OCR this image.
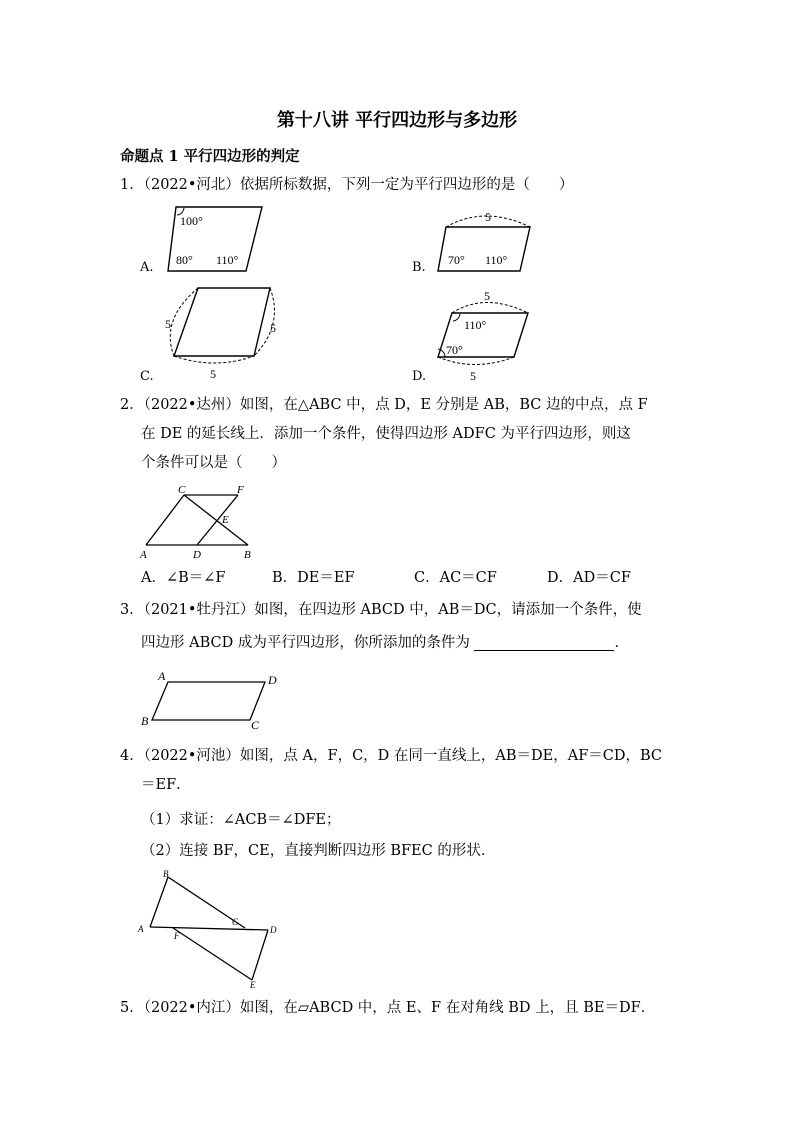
第十八讲 平行四边形与多边形
命题点 1 平行四边形的判定
1．（2022•河北）依据所标数据，下列一定为平行四边形的是（　　）
A.
100°
80° 110°	B.
5
70° 110°
C.
5	5
5	D.
5
110°
70°
5
2．（2022•达州）如图，在△ABC 中，点 D，E 分别是 AB，BC 边的中点，点 F
在 DE 的延长线上．添加一个条件，使得四边形 ADFC 为平行四边形，则这
个条件可以是（　　）
C	F
E
A	D	B
A．∠B＝∠F	B．DE＝EF	C．AC＝CF	D．AD＝CF
3．（2021•牡丹江）如图，在四边形 ABCD 中，AB＝DC，请添加一个条件，使
四边形 ABCD 成为平行四边形，你所添加的条件为	．
A	D
B	C
4．（2022•河池）如图，点 A，F，C，D 在同一直线上，AB＝DE，AF＝CD，BC
＝EF．
（1）求证：∠ACB＝∠DFE；
（2）连接 BF，CE，直接判断四边形 BFEC 的形状．
B
A
F
C
D
E
5．（2022•内江）如图，在▱ABCD 中，点 E、F 在对角线 BD 上，且 BE＝DF．
